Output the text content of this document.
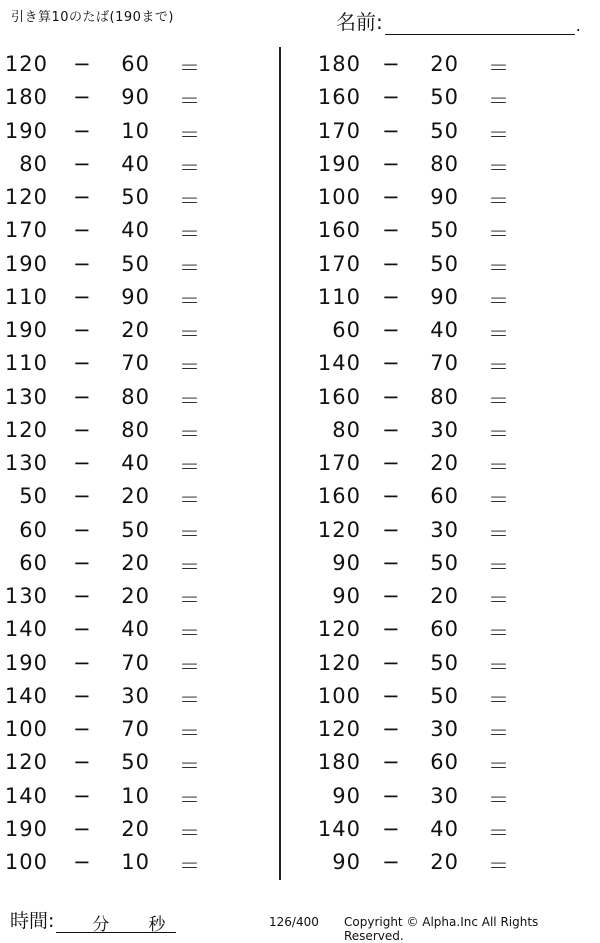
引き算10のたば(190まで)	名前:	.
120 −	60 ＝
180 −	90 ＝
190 −	10 ＝
80 −	40 ＝
120 −	50 ＝
170 −	40 ＝
190 −	50 ＝
110 −	90 ＝
190 −	20 ＝
110 −	70 ＝
130 −	80 ＝
120 −	80 ＝
130 −	40 ＝
50 −	20 ＝
60 −	50 ＝
60 −	20 ＝
130 −	20 ＝
140 −	40 ＝
190 −	70 ＝
140 −	30 ＝
100 −	70 ＝
120 −	50 ＝
140 −	10 ＝
190 −	20 ＝
100 −	10 ＝
180 −	20 ＝
160 −	50 ＝
170 −	50 ＝
190 −	80 ＝
100 −	90 ＝
160 −	50 ＝
170 −	50 ＝
110 −	90 ＝
60 −	40 ＝
140 −	70 ＝
160 −	80 ＝
80 −	30 ＝
170 −	20 ＝
160 −	60 ＝
120 −	30 ＝
90 −	50 ＝
90 −	20 ＝
120 −	60 ＝
120 −	50 ＝
100 −	50 ＝
120 −	30 ＝
180 −	60 ＝
90 −	30 ＝
140 −	40 ＝
90 −	20 ＝
時間: 分 秒	126/400 Copyright © Alpha.Inc All Rights Reserved.
